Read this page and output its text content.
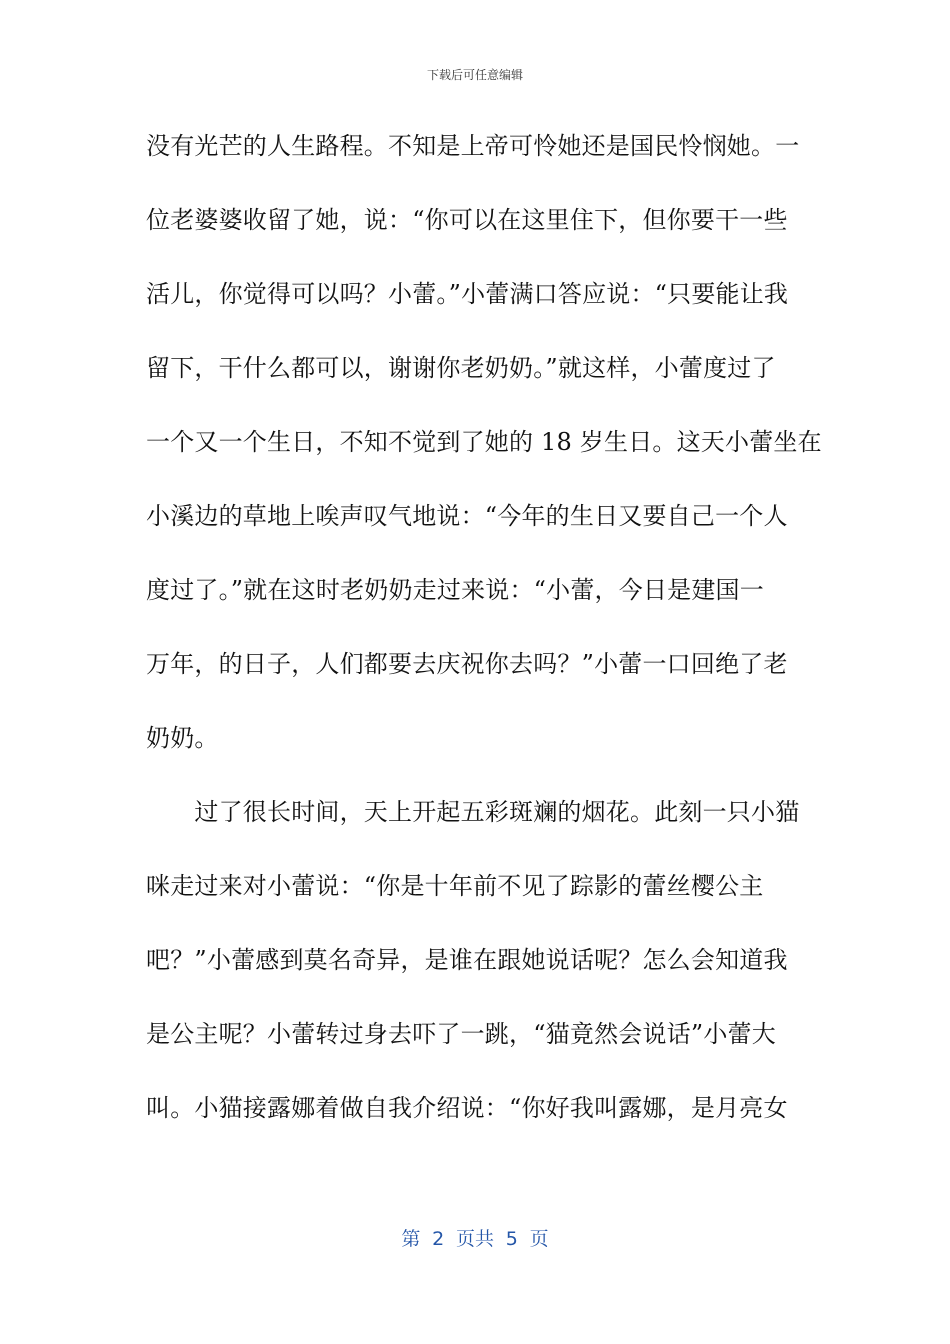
下载后可任意编辑
没有光芒的人生路程。不知是上帝可怜她还是国民怜悯她。一
位老婆婆收留了她，说：“你可以在这里住下，但你要干一些
活儿，你觉得可以吗？小蕾。”小蕾满口答应说：“只要能让我
留下，干什么都可以，谢谢你老奶奶。”就这样，小蕾度过了
一个又一个生日，不知不觉到了她的 18 岁生日。这天小蕾坐在
小溪边的草地上唉声叹气地说：“今年的生日又要自己一个人
度过了。”就在这时老奶奶走过来说：“小蕾，今日是建国一
万年，的日子，人们都要去庆祝你去吗？”小蕾一口回绝了老
奶奶。
　　过了很长时间，天上开起五彩斑斓的烟花。此刻一只小猫
咪走过来对小蕾说：“你是十年前不见了踪影的蕾丝樱公主
吧？”小蕾感到莫名奇异，是谁在跟她说话呢？怎么会知道我
是公主呢？小蕾转过身去吓了一跳，“猫竟然会说话”小蕾大
叫。小猫接露娜着做自我介绍说：“你好我叫露娜，是月亮女
第 2 页共 5 页
